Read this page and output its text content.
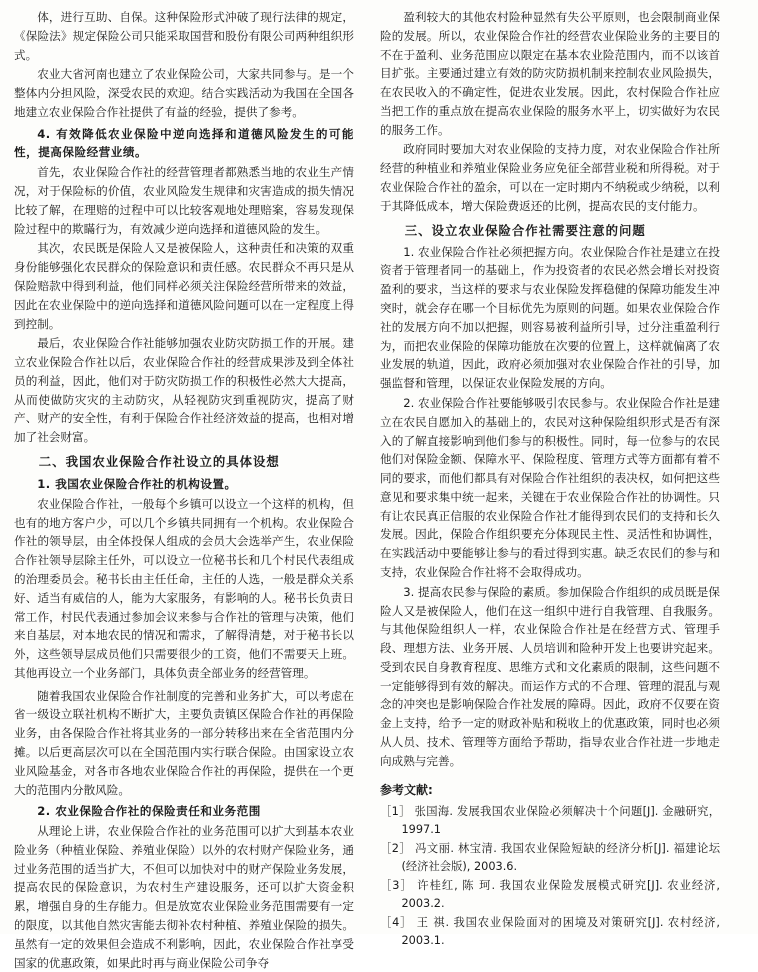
体，进行互助、自保。这种保险形式沖破了现行法律的规定，《保险法》规定保险公司只能采取国营和股份有限公司两种组织形式。

农业大省河南也建立了农业保险公司，大家共同参与。是一个整体内分担风险，深受农民的欢迎。结合实践活动为我国在全国各地建立农业保险合作社提供了有益的经验，提供了参考。

4. 有效降低农业保险中逆向选择和道德风险发生的可能性，提高保险经营业绩。

首先，农业保险合作社的经营管理者都熟悉当地的农业生产情况，对于保险标的价值，农业风险发生规律和灾害造成的损失情况比较了解，在理赔的过程中可以比较客观地处理赔案，容易发现保险过程中的欺瞞行为，有效减少逆向选择和道德风险的发生。

其次，农民既是保险人又是被保险人，这种责任和决策的双重身份能够强化农民群众的保险意识和责任感。农民群众不再只是从保险赔款中得到利益，他们同样必须关注保险经营所带来的效益，因此在农业保险中的逆向选择和道德风险问题可以在一定程度上得到控制。

最后，农业保险合作社能够加强农业防灾防损工作的开展。建立农业保险合作社以后，农业保险合作社的经营成果涉及到全体社员的利益，因此，他们对于防灾防损工作的积极性必然大大提高，从而使做防灾灾的主动防灾，从轻视防灾到重视防灾，提高了财产、财产的安全性，有利于保险合作社经济效益的提高，也相对增加了社会财富。

二、我国农业保险合作社设立的具体设想

1. 我国农业保险合作社的机构设置。

农业保险合作社，一般每个乡镇可以设立一个这样的机构，但也有的地方客户少，可以几个乡镇共同拥有一个机构。农业保险合作社的领导层，由全体投保人组成的会员大会选举产生，农业保险合作社领导层除主任外，可以设立一位秘书长和几个村民代表组成的治理委员会。秘书长由主任任命，主任的人选，一般是群众关系好、适当有威信的人，能为大家服务，有影响的人。秘书长负责日常工作，村民代表通过参加会议来参与合作社的管理与决策，他们来自基层，对本地农民的情况和需求，了解得清楚，对于秘书长以外，这些领导层成员他们只需要很少的工资，他们不需要天上班。其他再设立一个业务部门，具体负责全部业务的经营管理。

随着我国农业保险合作社制度的完善和业务扩大，可以考虑在省一级设立联社机构不断扩大，主要负责镇区保险合作社的再保险业务，由各保险合作社将其业务的一部分转移出来在全省范围内分摊。以后更高层次可以在全国范围内实行联合保险。由国家设立农业风险基金，对各市各地农业保险合作社的再保险，提供在一个更大的范围内分散风险。

2. 农业保险合作社的保险责任和业务范围

从理论上讲，农业保险合作社的业务范围可以扩大到基本农业险业务（种植业保险、养殖业保险）以外的农村财产保险业务，通过业务范围的适当扩大，不但可以加快对中的财产保险业务发展，提高农民的保险意识，为农村生产建设服务，还可以扩大资金积累，增强自身的生存能力。但是放宽农业保险业务范围需要有一定的限度，以其他自然灾害能去彻补农村种植、养殖业保险的损失。虽然有一定的效果但会造成不利影响，因此，农业保险合作社享受国家的优惠政策，如果此时再与商业保险公司争夺

盈利较大的其他农村险种显然有失公平原则，也会限制商业保险的发展。所以，农业保险合作社的经营农业保险业务的主要目的不在于盈利、业务范围应以限定在基本农业险范围内，而不以该首目扩张。主要通过建立有效的防灾防损机制来控制农业风险损失，在农民收入的不确定性，促进农业发展。因此，农村保险合作社应当把工作的重点放在提高农业保险的服务水平上，切实做好为农民的服务工作。

政府同时要加大对农业保险的支持力度，对农业保险合作社所经营的种植业和养殖业保险业务应免征全部营业税和所得税。对于农业保险合作社的盈余，可以在一定时期内不纳税或少纳税，以利于其降低成本，增大保险费返还的比例，提高农民的支付能力。

三、设立农业保险合作社需要注意的问题

1. 农业保险合作社必须把握方向。农业保险合作社是建立在投资者于管理者同一的基础上，作为投资者的农民必然会增长对投资盈利的要求，当这样的要求与农业保险发挥稳健的保障功能发生冲突时，就会存在哪一个目标优先为原则的问题。如果农业保险合作社的发展方向不加以把握，则容易被利益所引导，过分注重盈利行为，而把农业保险的保障功能放在次要的位置上，这样就偏离了农业发展的轨道，因此，政府必须加强对农业保险合作社的引导，加强监督和管理，以保证农业保险发展的方向。

2. 农业保险合作社要能够吸引农民参与。农业保险合作社是建立在农民自愿加入的基础上的，农民对这种保险组织形式是否有深入的了解直接影响到他们参与的积极性。同时，每一位参与的农民他们对保险金额、保障水平、保险程度、管理方式等方面都有着不同的要求，而他们都具有对保险合作社组织的表决权，如何把这些意见和要求集中统一起来，关键在于农业保险合作社的协调性。只有让农民真正信服的农业保险合作社才能得到农民们的支持和长久发展。因此，保险合作组织要充分体现民主性、灵活性和协调性，在实践活动中要能够让参与的看过得到实惠。缺乏农民们的参与和支持，农业保险合作社将不会取得成功。

3. 提高农民参与保险的素质。参加保险合作组织的成员既是保险人又是被保险人，他们在这一组织中进行自我管理、自我服务。与其他保险组织人一样，农业保险合作社是在经营方式、管理手段、理想方法、业务开展、人员培训和险种开发上也要讲究起来。受到农民自身教育程度、思维方式和文化素质的限制，这些问题不一定能够得到有效的解决。而运作方式的不合理、管理的混乱与观念的冲突也是影响保险合作社发展的障碍。因此，政府不仅要在资金上支持，给予一定的财政补贴和税收上的优惠政策，同时也必须从人员、技术、管理等方面给予帮助，指导农业合作社进一步地走向成熟与完善。

参考文献:

［1］ 张国海. 发展我国农业保险必须解决十个问题[J]. 金融研究，1997.1

［2］ 冯文丽. 林宝清. 我国农业保险短缺的经济分析[J]. 福建论坛 (经济社会版), 2003.6.

［3］ 许桂红, 陈 珂. 我国农业保险发展模式研究[J]. 农业经济, 2003.2.

［4］ 王 祺. 我国农业保险面对的困境及对策研究[J]. 农村经济, 2003.1.
